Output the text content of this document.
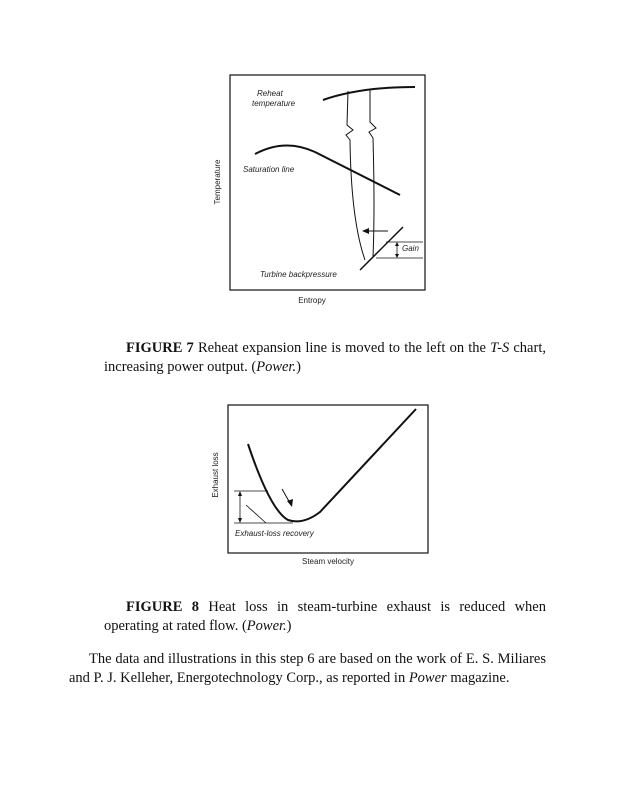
Reheat
temperature
Saturation line
Gain
Turbine backpressure
Entropy
Temperature
FIGURE 7 Reheat expansion line is moved to the left on the T-S chart, increasing power output. (Power.)
Exhaust-loss recovery
Steam velocity
Exhaust loss
FIGURE 8 Heat loss in steam-turbine exhaust is reduced when operating at rated flow. (Power.)
The data and illustrations in this step 6 are based on the work of E. S. Miliares and P. J. Kelleher, Energotechnology Corp., as reported in Power magazine.
